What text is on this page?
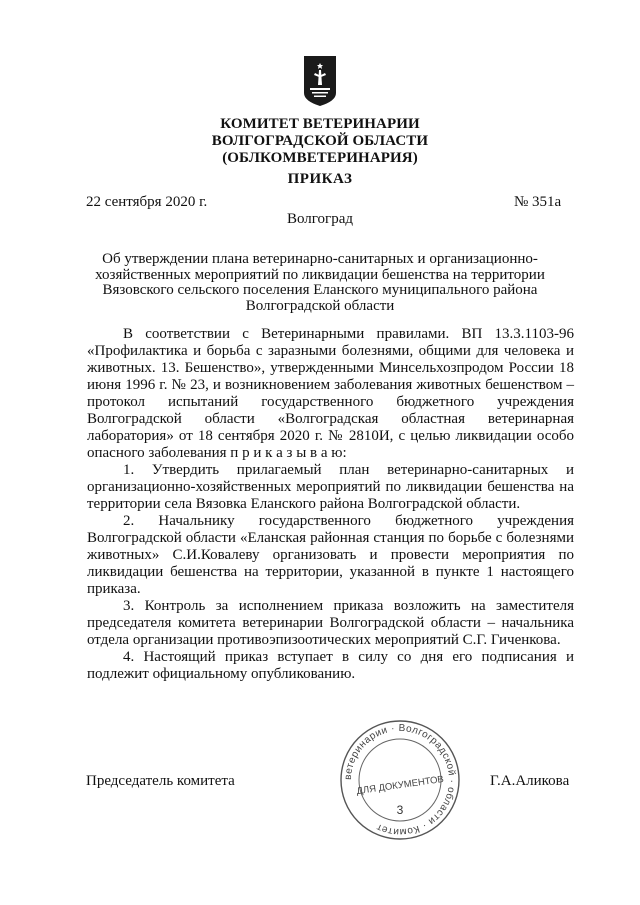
КОМИТЕТ ВЕТЕРИНАРИИ
ВОЛГОГРАДСКОЙ ОБЛАСТИ
(ОБЛКОМВЕТЕРИНАРИЯ)
ПРИКАЗ
22 сентября 2020 г.	№ 351а
Волгоград
Об утверждении плана ветеринарно-санитарных и организационно-
хозяйственных мероприятий по ликвидации бешенства на территории
Вязовского сельского поселения Еланского муниципального района
Волгоградской области

В соответствии с Ветеринарными правилами. ВП 13.3.1103-96 «Профилактика и борьба с заразными болезнями, общими для человека и животных. 13. Бешенство», утвержденными Минсельхозпродом России 18 июня 1996 г. № 23, и возникновением заболевания животных бешенством – протокол испытаний государственного бюджетного учреждения Волгоградской области «Волгоградская областная ветеринарная лаборатория» от 18 сентября 2020 г. № 2810И, с целью ликвидации особо опасного заболевания п р и к а з ы в а ю:

1. Утвердить прилагаемый план ветеринарно-санитарных и организационно-хозяйственных мероприятий по ликвидации бешенства на территории села Вязовка Еланского района Волгоградской области.

2. Начальнику государственного бюджетного учреждения Волгоградской области «Еланская районная станция по борьбе с болезнями животных» С.И.Ковалеву организовать и провести мероприятия по ликвидации бешенства на территории, указанной в пункте 1 настоящего приказа.

3. Контроль за исполнением приказа возложить на заместителя председателя комитета ветеринарии Волгоградской области – начальника отдела организации противоэпизоотических мероприятий С.Г. Гиченкова.

4. Настоящий приказ вступает в силу со дня его подписания и подлежит официальному опубликованию.

Председатель комитета	Г.А.Аликова
ветеринарии · Волгоградской · области · Комитет
ДЛЯ ДОКУМЕНТОВ
3
